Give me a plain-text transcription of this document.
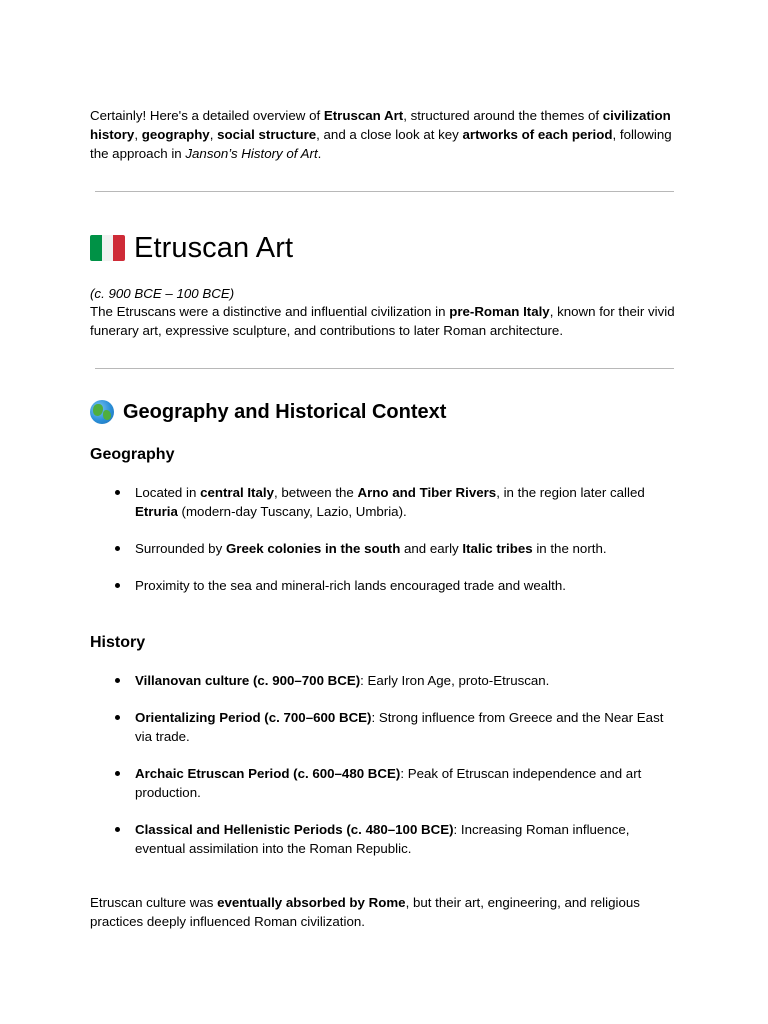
Certainly! Here's a detailed overview of Etruscan Art, structured around the themes of civilization history, geography, social structure, and a close look at key artworks of each period, following the approach in Janson’s History of Art.

Etruscan Art

(c. 900 BCE – 100 BCE)

The Etruscans were a distinctive and influential civilization in pre-Roman Italy, known for their vivid funerary art, expressive sculpture, and contributions to later Roman architecture.

Geography and Historical Context
Geography
Located in central Italy, between the Arno and Tiber Rivers, in the region later called Etruria (modern-day Tuscany, Lazio, Umbria).
Surrounded by Greek colonies in the south and early Italic tribes in the north.
Proximity to the sea and mineral-rich lands encouraged trade and wealth.
History
Villanovan culture (c. 900–700 BCE): Early Iron Age, proto-Etruscan.
Orientalizing Period (c. 700–600 BCE): Strong influence from Greece and the Near East via trade.
Archaic Etruscan Period (c. 600–480 BCE): Peak of Etruscan independence and art production.
Classical and Hellenistic Periods (c. 480–100 BCE): Increasing Roman influence, eventual assimilation into the Roman Republic.

Etruscan culture was eventually absorbed by Rome, but their art, engineering, and religious practices deeply influenced Roman civilization.
